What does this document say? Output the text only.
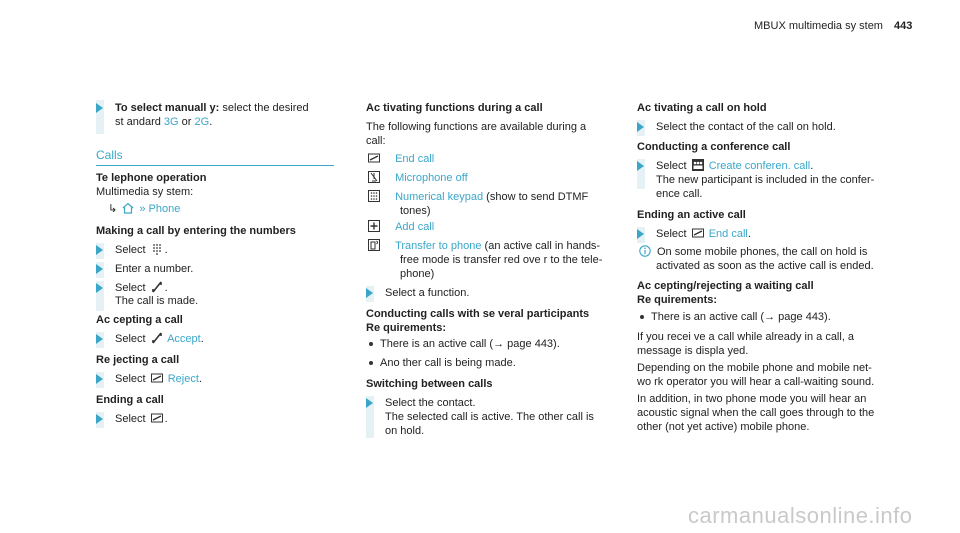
MBUX multimedia sy stem 443
To select manuall y: select the desired
st andard 3G or 2G.
Calls
Te lephone operation
Multimedia sy stem:
↳ » Phone
Making a call by entering the numbers
Select .
Enter a number.
Select .
The call is made.
Ac cepting a call
Select Accept.
Re jecting a call
Select Reject.
Ending a call
Select .
Ac tivating functions during a call
The following functions are available during a
call:
End call
Microphone off
Numerical keypad (show to send DTMF
tones)
Add call
Transfer to phone (an active call in hands-
free mode is transfer red ove r to the tele-
phone)
Select a function.
Conducting calls with se veral participants
Re quirements:
There is an active call (→ page 443).
Ano ther call is being made.
Switching between calls
Select the contact.
The selected call is active. The other call is
on hold.
Ac tivating a call on hold
Select the contact of the call on hold.
Conducting a conference call
Select Create conferen. call.
The new participant is included in the confer-
ence call.
Ending an active call
Select End call.
On some mobile phones, the call on hold is
activated as soon as the active call is ended.
Ac cepting/rejecting a waiting call
Re quirements:
There is an active call (→ page 443).
If you recei ve a call while already in a call, a
message is displa yed.
Depending on the mobile phone and mobile net-
wo rk operator you will hear a call-waiting sound.
In addition, in two phone mode you will hear an
acoustic signal when the call goes through to the
other (not yet active) mobile phone.
carmanualsonline.info
